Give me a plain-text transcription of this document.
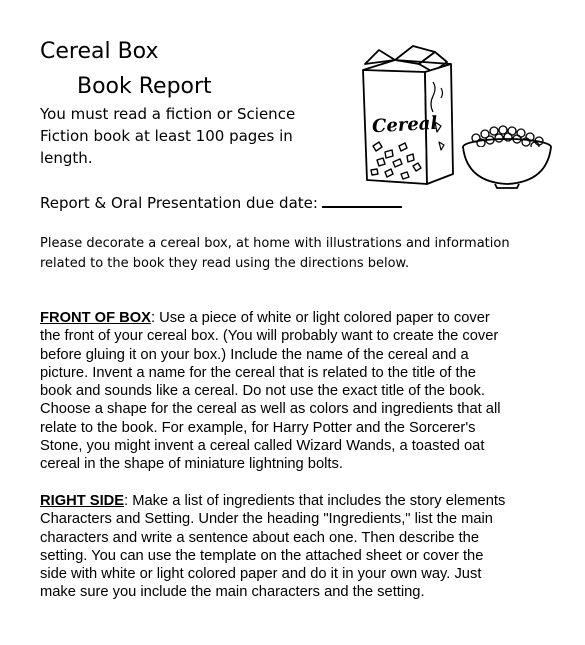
Cereal Box
Book Report
You must read a fiction or Science
Fiction book at least 100 pages in
length.
Report & Oral Presentation due date:
Please decorate a cereal box, at home with illustrations and information
related to the book they read using the directions below.
Cereal
FRONT OF BOX: Use a piece of white or light colored paper to cover
the front of your cereal box. (You will probably want to create the cover
before gluing it on your box.) Include the name of the cereal and a
picture. Invent a name for the cereal that is related to the title of the
book and sounds like a cereal. Do not use the exact title of the book.
Choose a shape for the cereal as well as colors and ingredients that all
relate to the book. For example, for Harry Potter and the Sorcerer's
Stone, you might invent a cereal called Wizard Wands, a toasted oat
cereal in the shape of miniature lightning bolts.
RIGHT SIDE: Make a list of ingredients that includes the story elements
Characters and Setting. Under the heading "Ingredients," list the main
characters and write a sentence about each one. Then describe the
setting. You can use the template on the attached sheet or cover the
side with white or light colored paper and do it in your own way. Just
make sure you include the main characters and the setting.
